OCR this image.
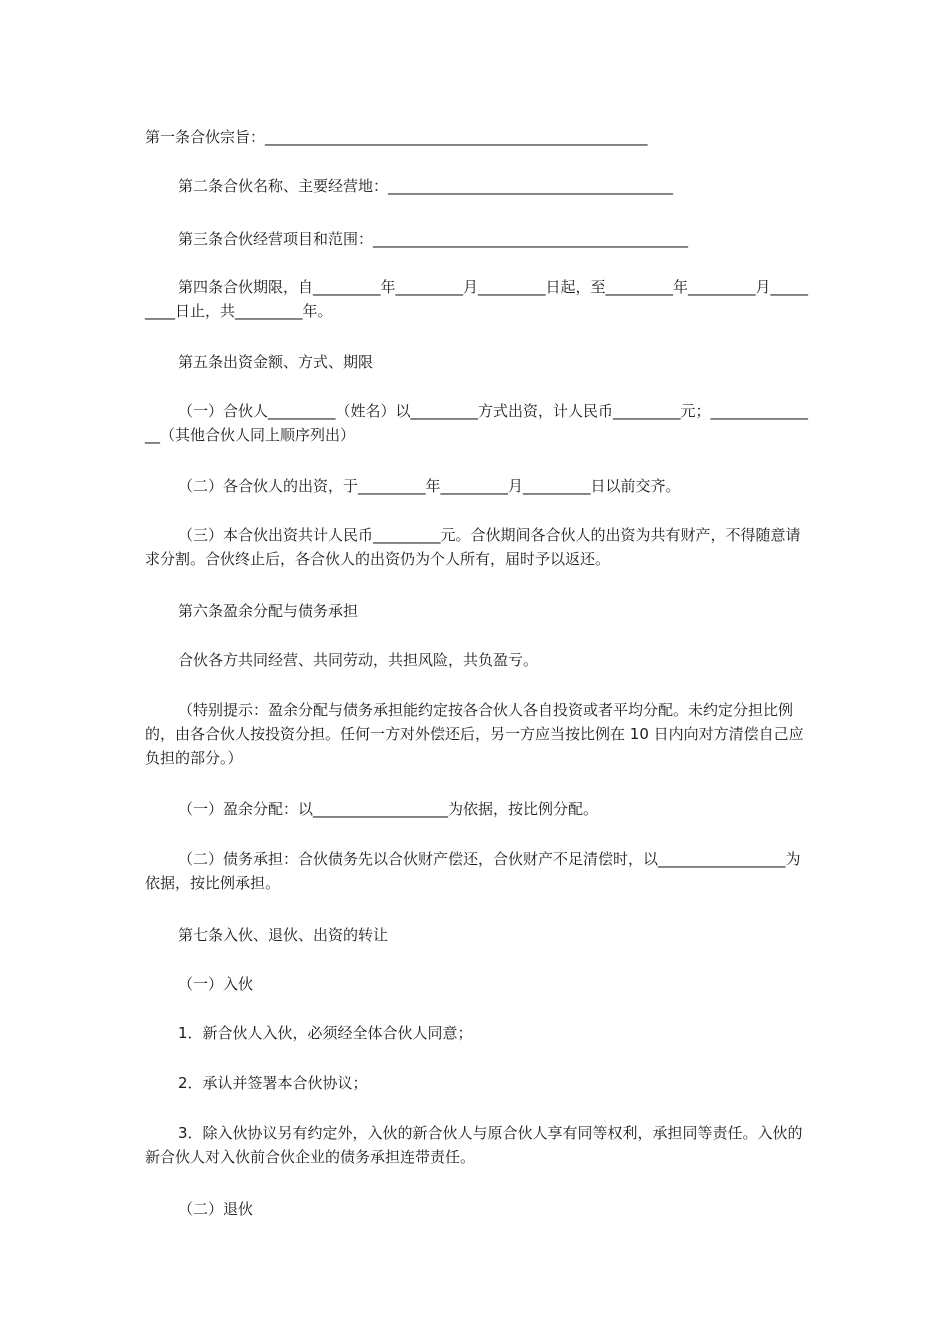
第一条合伙宗旨：___________________________________________________

第二条合伙名称、主要经营地：______________________________________

第三条合伙经营项目和范围：__________________________________________

第四条合伙期限，自_________年_________月_________日起，至_________年_________月_________日止，共_________年。

第五条出资金额、方式、期限

（一）合伙人_________（姓名）以_________方式出资，计人民币_________元；_______________（其他合伙人同上顺序列出）

（二）各合伙人的出资，于_________年_________月_________日以前交齐。

（三）本合伙出资共计人民币_________元。合伙期间各合伙人的出资为共有财产，不得随意请求分割。合伙终止后，各合伙人的出资仍为个人所有，届时予以返还。

第六条盈余分配与债务承担

合伙各方共同经营、共同劳动，共担风险，共负盈亏。

（特别提示：盈余分配与债务承担能约定按各合伙人各自投资或者平均分配。未约定分担比例的，由各合伙人按投资分担。任何一方对外偿还后，另一方应当按比例在 10 日内向对方清偿自己应负担的部分。）

（一）盈余分配：以__________________为依据，按比例分配。

（二）债务承担：合伙债务先以合伙财产偿还，合伙财产不足清偿时，以_________________为依据，按比例承担。

第七条入伙、退伙、出资的转让

（一）入伙

1．新合伙人入伙，必须经全体合伙人同意；

2．承认并签署本合伙协议；

3．除入伙协议另有约定外，入伙的新合伙人与原合伙人享有同等权利，承担同等责任。入伙的新合伙人对入伙前合伙企业的债务承担连带责任。

（二）退伙
